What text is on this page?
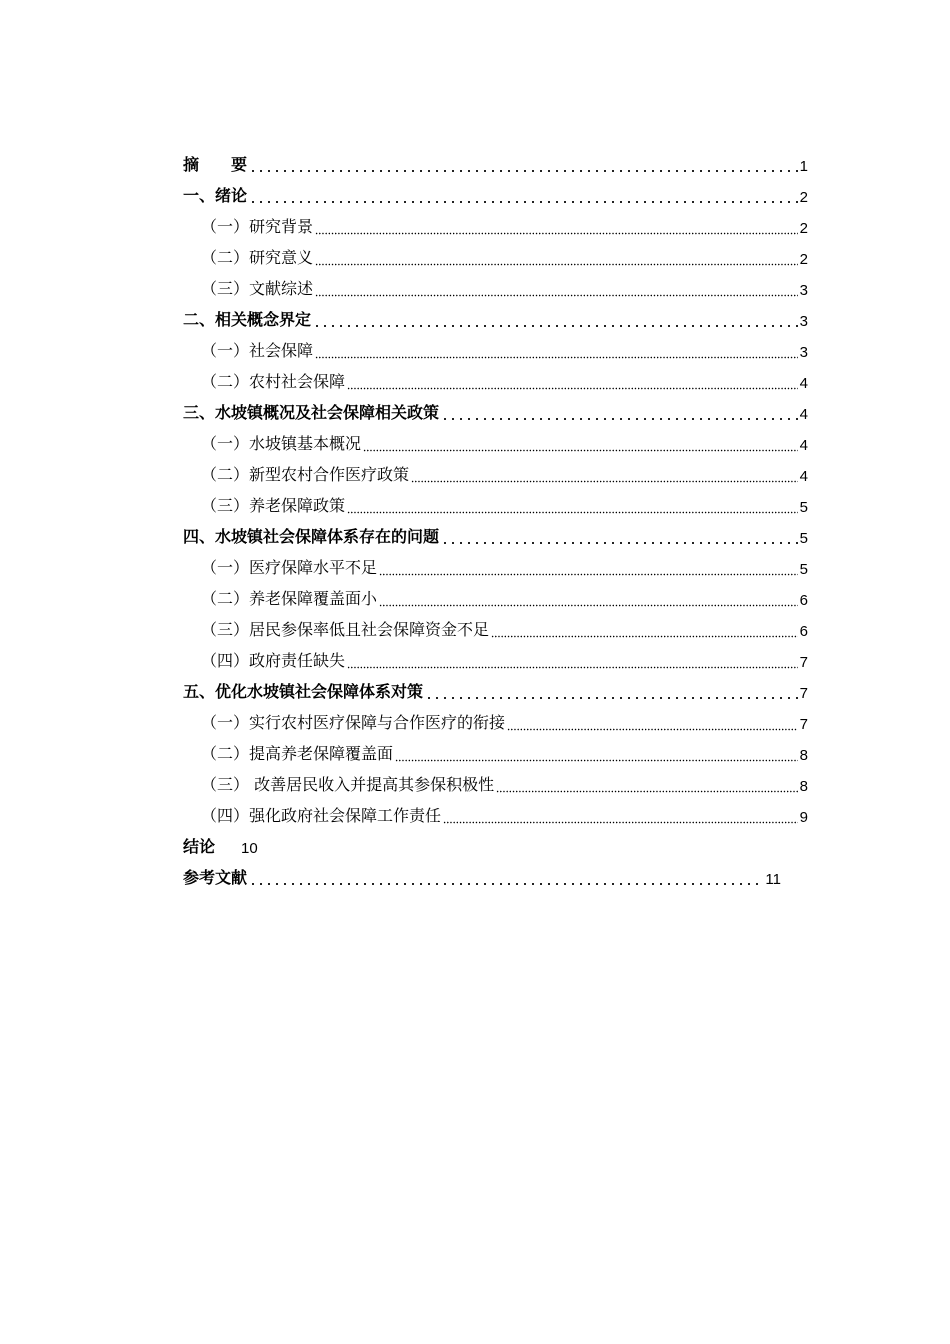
摘　　要	1
一、绪论	2
（一）研究背景	2
（二）研究意义	2
（三）文献综述	3
二、相关概念界定	3
（一）社会保障	3
（二）农村社会保障	4
三、水坡镇概况及社会保障相关政策	4
（一）水坡镇基本概况	4
（二）新型农村合作医疗政策	4
（三）养老保障政策	5
四、水坡镇社会保障体系存在的问题	5
（一）医疗保障水平不足	5
（二）养老保障覆盖面小	6
（三）居民参保率低且社会保障资金不足	6
（四）政府责任缺失	7
五、优化水坡镇社会保障体系对策	7
（一）实行农村医疗保障与合作医疗的衔接	7
（二）提高养老保障覆盖面	8
（三） 改善居民收入并提高其参保积极性	8
（四）强化政府社会保障工作责任	9
结论 10
参考文献	11
